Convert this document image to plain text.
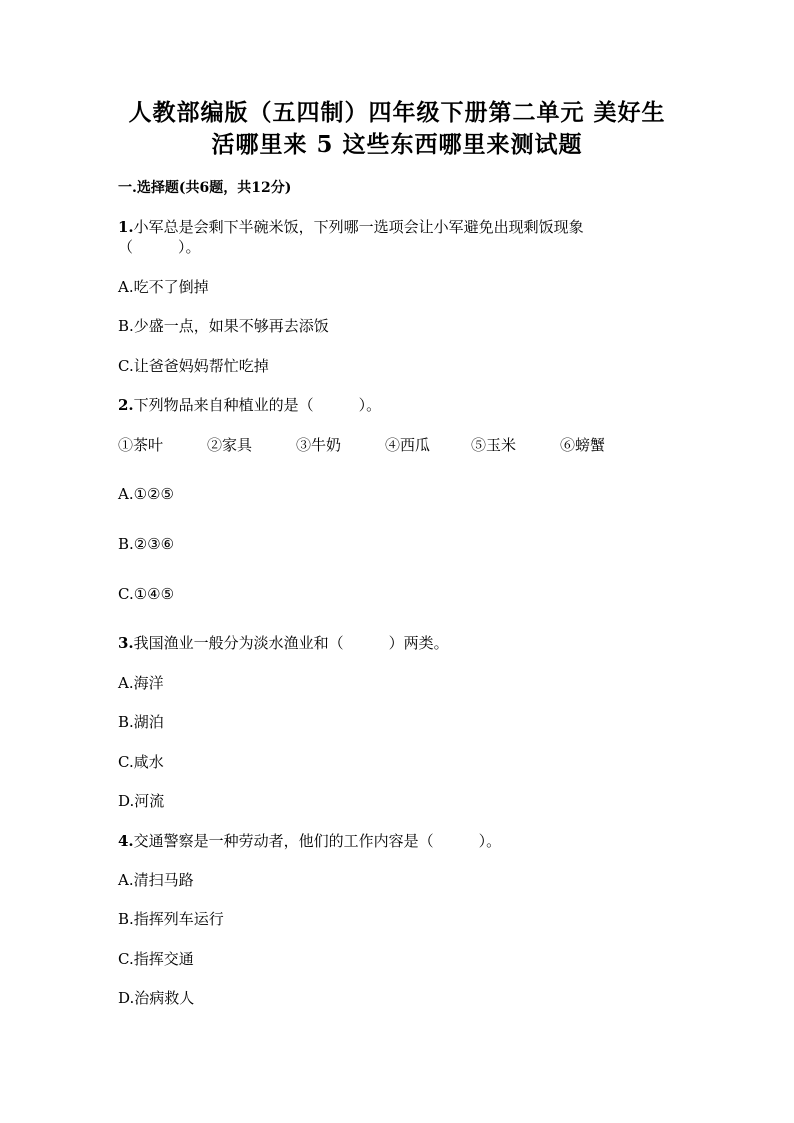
人教部编版（五四制）四年级下册第二单元 美好生
活哪里来 5 这些东西哪里来测试题
一.选择题(共6题，共12分)
1.小军总是会剩下半碗米饭，下列哪一选项会让小军避免出现剩饭现象
（　　　）。
A.吃不了倒掉
B.少盛一点，如果不够再去添饭
C.让爸爸妈妈帮忙吃掉
2.下列物品来自种植业的是（　　　）。
①茶叶	②家具	③牛奶	④西瓜	⑤玉米	⑥螃蟹
A.①②⑤
B.②③⑥
C.①④⑤
3.我国渔业一般分为淡水渔业和（　　　）两类。
A.海洋
B.湖泊
C.咸水
D.河流
4.交通警察是一种劳动者，他们的工作内容是（　　　）。
A.清扫马路
B.指挥列车运行
C.指挥交通
D.治病救人
